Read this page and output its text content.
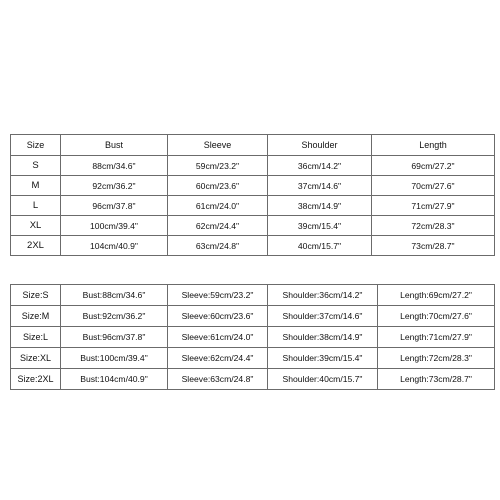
Size	Bust	Sleeve	Shoulder	Length
S	88cm/34.6"	59cm/23.2"	36cm/14.2"	69cm/27.2"
M	92cm/36.2"	60cm/23.6"	37cm/14.6"	70cm/27.6"
L	96cm/37.8"	61cm/24.0"	38cm/14.9"	71cm/27.9"
XL	100cm/39.4"	62cm/24.4"	39cm/15.4"	72cm/28.3"
2XL	104cm/40.9"	63cm/24.8"	40cm/15.7"	73cm/28.7"
Size:S	Bust:88cm/34.6"	Sleeve:59cm/23.2"	Shoulder:36cm/14.2"	Length:69cm/27.2"
Size:M	Bust:92cm/36.2"	Sleeve:60cm/23.6"	Shoulder:37cm/14.6"	Length:70cm/27.6"
Size:L	Bust:96cm/37.8"	Sleeve:61cm/24.0"	Shoulder:38cm/14.9"	Length:71cm/27.9"
Size:XL	Bust:100cm/39.4"	Sleeve:62cm/24.4"	Shoulder:39cm/15.4"	Length:72cm/28.3"
Size:2XL	Bust:104cm/40.9"	Sleeve:63cm/24.8"	Shoulder:40cm/15.7"	Length:73cm/28.7"
